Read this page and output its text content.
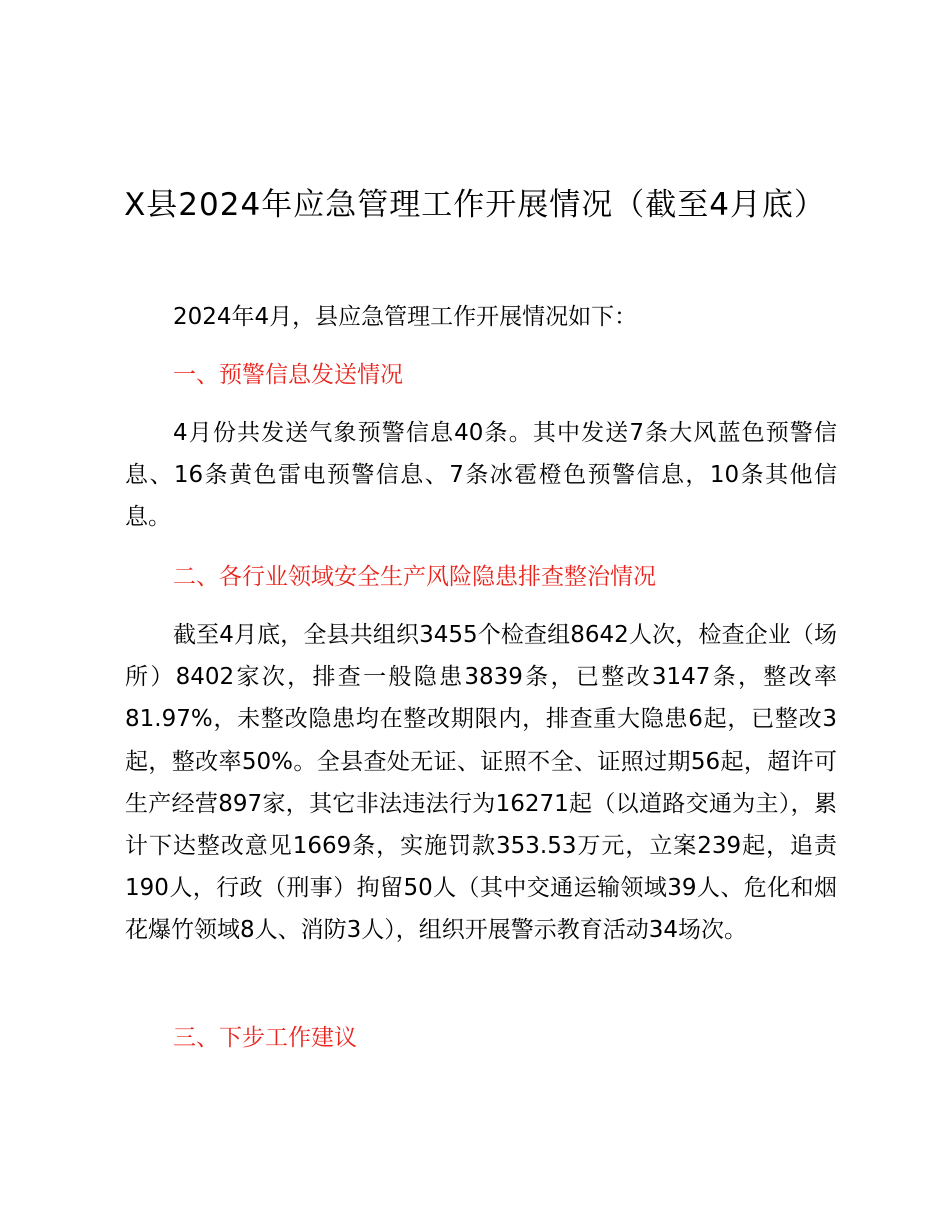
X县2024年应急管理工作开展情况（截至4月底）
2024年4月，县应急管理工作开展情况如下：
一、预警信息发送情况
4月份共发送气象预警信息40条。其中发送7条大风蓝色预警信息、16条黄色雷电预警信息、7条冰雹橙色预警信息，10条其他信息。
二、各行业领域安全生产风险隐患排查整治情况
截至4月底，全县共组织3455个检查组8642人次，检查企业（场所）8402家次，排查一般隐患3839条，已整改3147条，整改率81.97%，未整改隐患均在整改期限内，排查重大隐患6起，已整改3起，整改率50%。全县查处无证、证照不全、证照过期56起，超许可生产经营897家，其它非法违法行为16271起（以道路交通为主），累计下达整改意见1669条，实施罚款353.53万元，立案239起，追责190人，行政（刑事）拘留50人（其中交通运输领域39人、危化和烟花爆竹领域8人、消防3人），组织开展警示教育活动34场次。
三、下步工作建议
